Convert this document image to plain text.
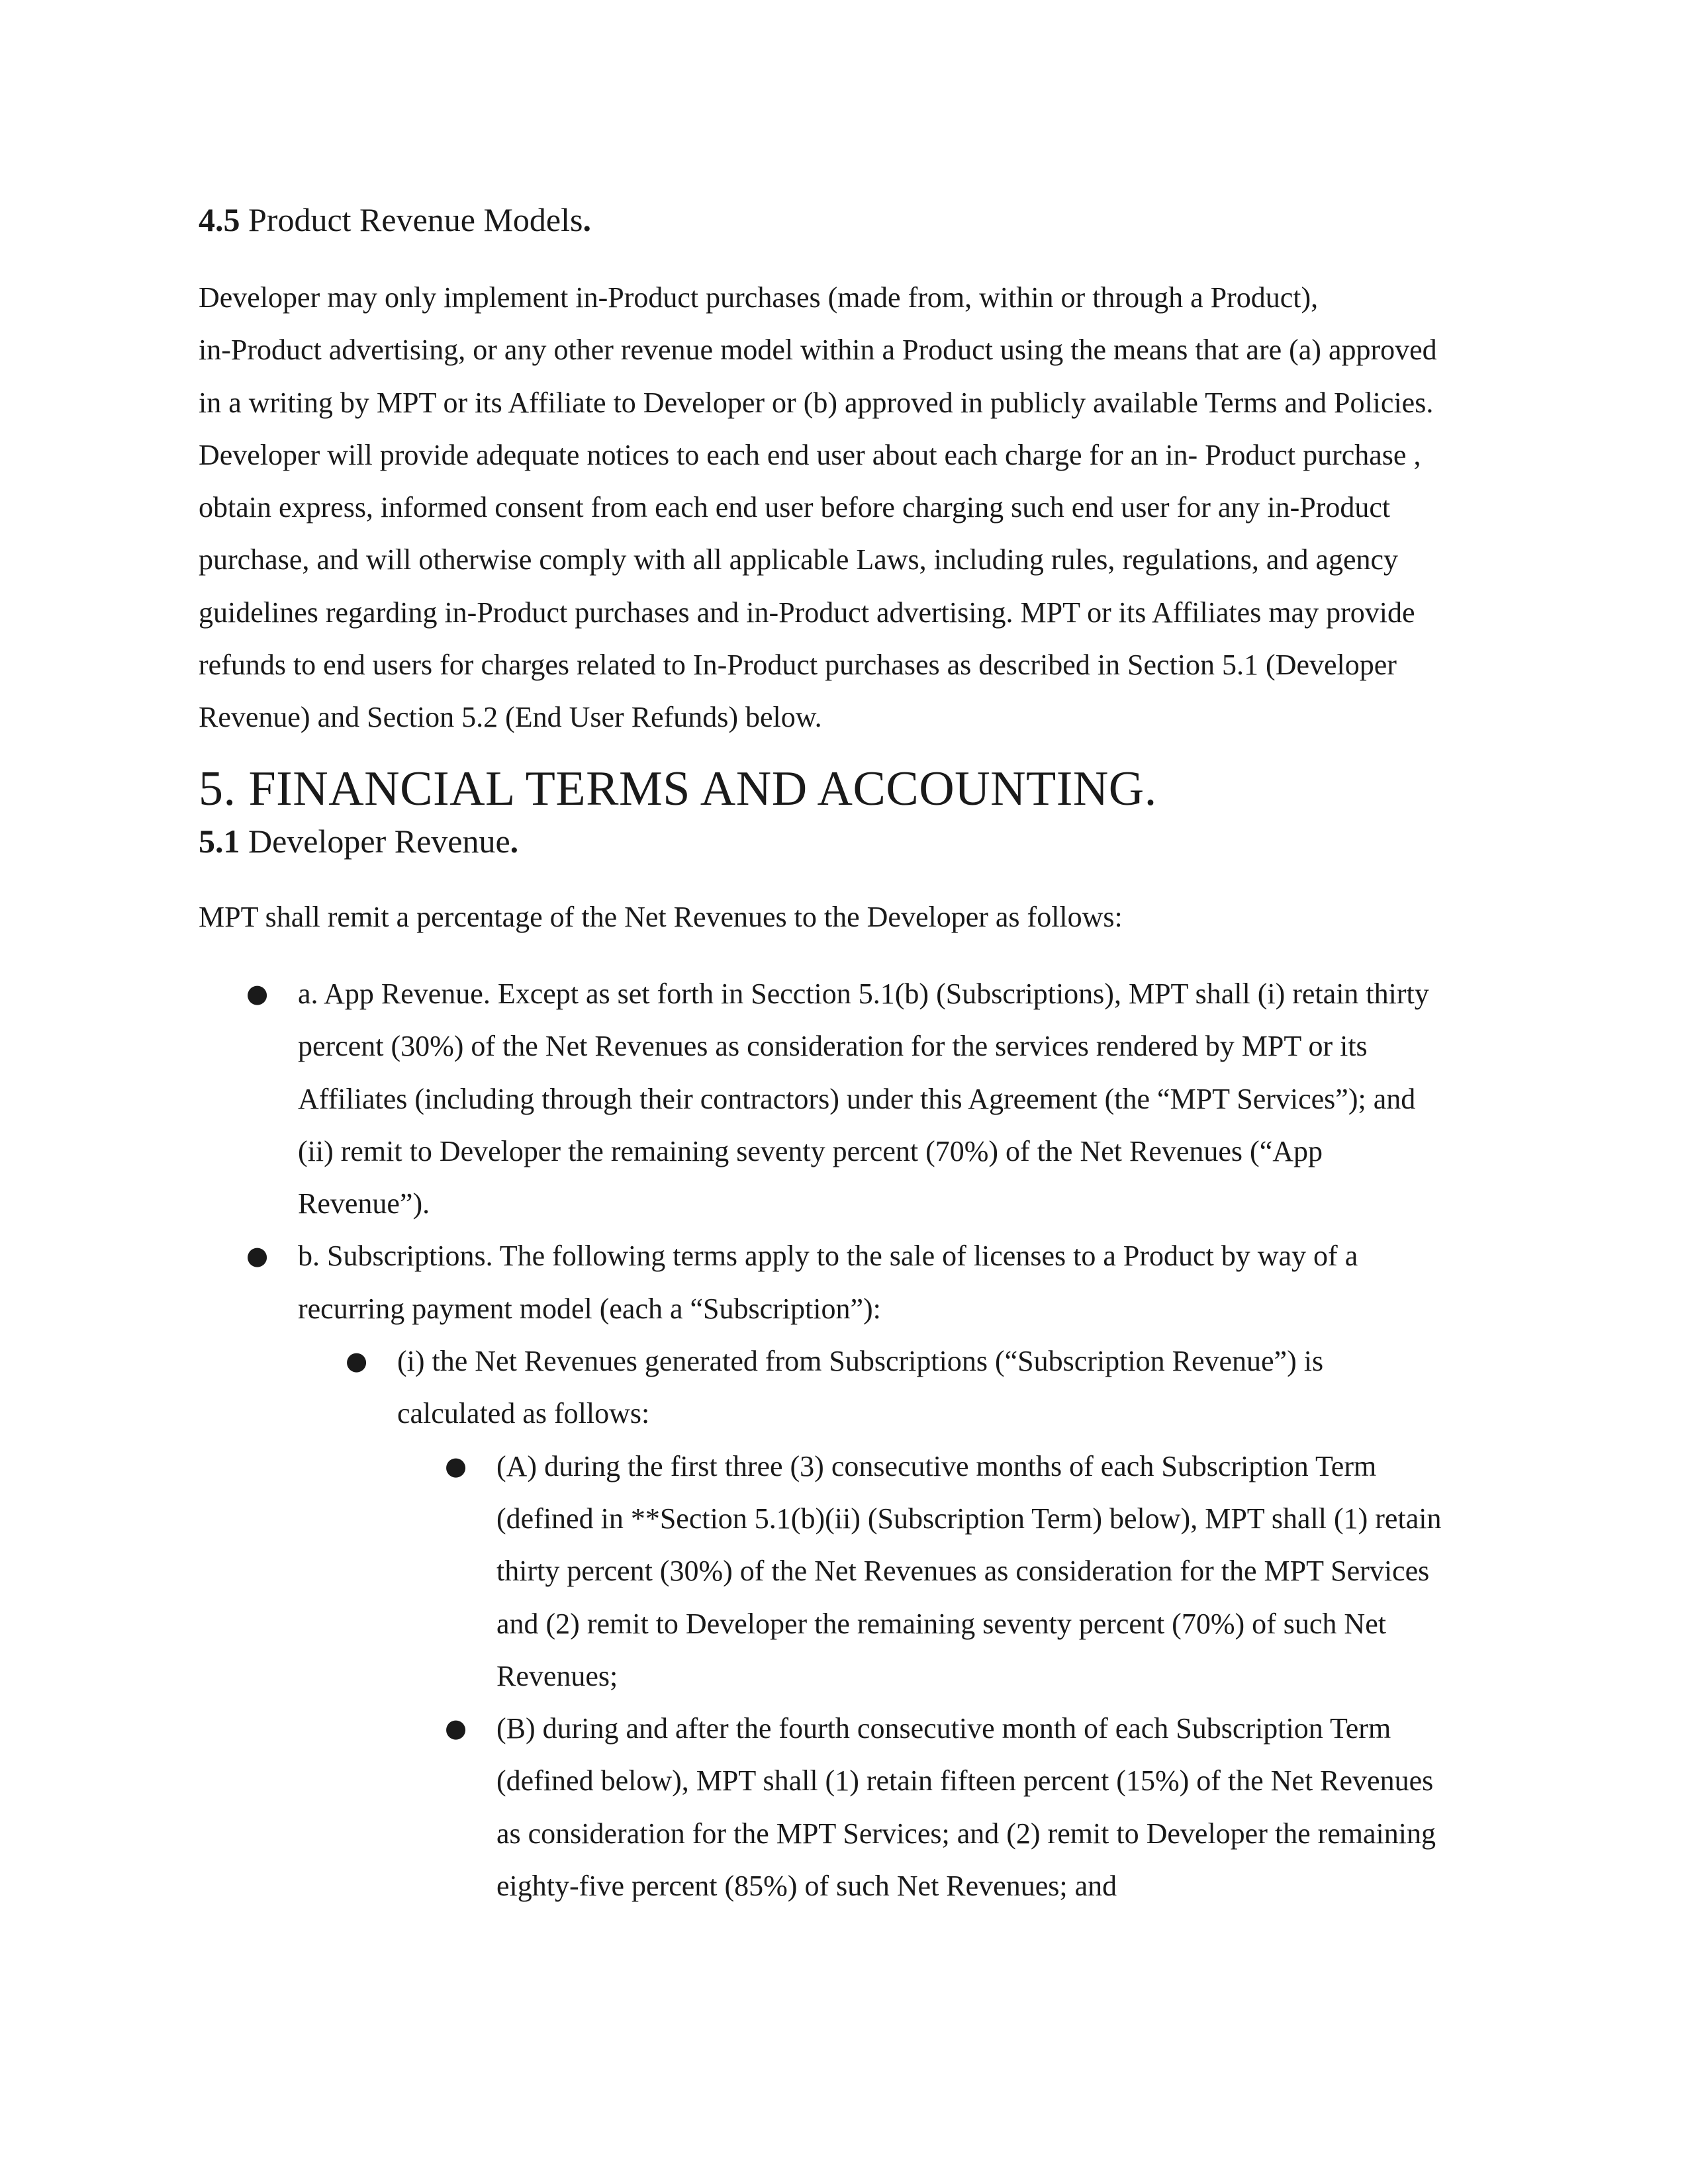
4.5 Product Revenue Models.

Developer may only implement in-Product purchases (made from, within or through a Product),
in-Product advertising, or any other revenue model within a Product using the means that are (a) approved
in a writing by MPT or its Affiliate to Developer or (b) approved in publicly available Terms and Policies.
Developer will provide adequate notices to each end user about each charge for an in- Product purchase ,
obtain express, informed consent from each end user before charging such end user for any in-Product
purchase, and will otherwise comply with all applicable Laws, including rules, regulations, and agency
guidelines regarding in-Product purchases and in-Product advertising. MPT or its Affiliates may provide
refunds to end users for charges related to In-Product purchases as described in Section 5.1 (Developer
Revenue) and Section 5.2 (End User Refunds) below.
5. FINANCIAL TERMS AND ACCOUNTING.

5.1 Developer Revenue.

MPT shall remit a percentage of the Net Revenues to the Developer as follows:
● a. App Revenue. Except as set forth in Secction 5.1(b) (Subscriptions), MPT shall (i) retain thirty
percent (30%) of the Net Revenues as consideration for the services rendered by MPT or its
Affiliates (including through their contractors) under this Agreement (the “MPT Services”); and
(ii) remit to Developer the remaining seventy percent (70%) of the Net Revenues (“App
Revenue”).
● b. Subscriptions. The following terms apply to the sale of licenses to a Product by way of a
recurring payment model (each a “Subscription”):
● (i) the Net Revenues generated from Subscriptions (“Subscription Revenue”) is
calculated as follows:
● (A) during the first three (3) consecutive months of each Subscription Term
(defined in **Section 5.1(b)(ii) (Subscription Term) below), MPT shall (1) retain
thirty percent (30%) of the Net Revenues as consideration for the MPT Services
and (2) remit to Developer the remaining seventy percent (70%) of such Net
Revenues;
● (B) during and after the fourth consecutive month of each Subscription Term
(defined below), MPT shall (1) retain fifteen percent (15%) of the Net Revenues
as consideration for the MPT Services; and (2) remit to Developer the remaining
eighty-five percent (85%) of such Net Revenues; and
